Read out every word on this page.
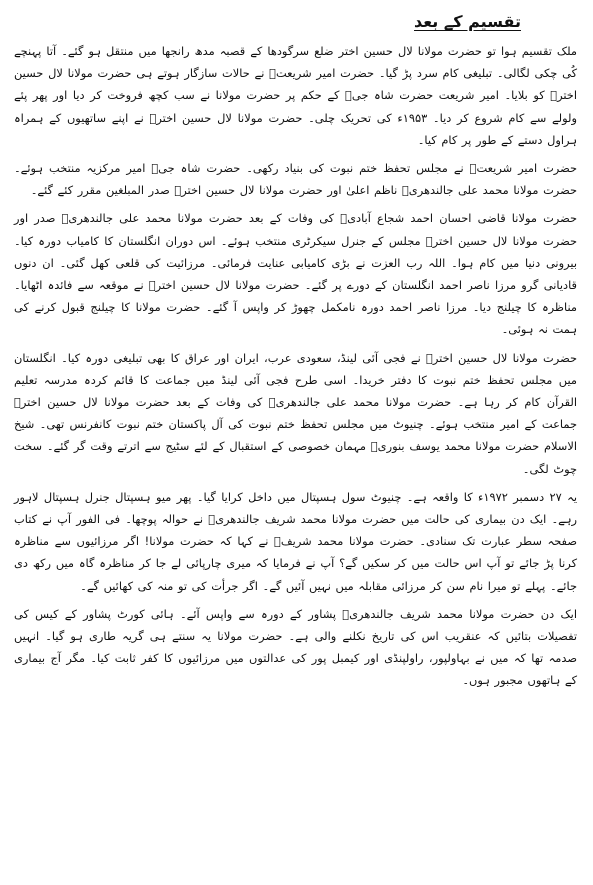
تقسیم کے بعد

ملک تقسیم ہوا تو حضرت مولانا لال حسین اختر ضلع سرگودھا کے قصبہ مدھ رانجھا میں منتقل ہو گئے۔ آتا پہنچے کُی چکی لگالی۔ تبلیغی کام سرد پڑ گیا۔ حضرت امیر شریعتؒ نے حالات سازگار ہوتے ہی حضرت مولانا لال حسین اخترؒ کو بلایا۔ امیر شریعت حضرت شاہ جیؒ کے حکم پر حضرت مولانا نے سب کچھ فروخت کر دیا اور پھر پئے ولولے سے کام شروع کر دیا۔ ۱۹۵۳ء کی تحریک چلی۔ حضرت مولانا لال حسین اخترؒ نے اپنے ساتھیوں کے ہمراہ ہراول دستے کے طور پر کام کیا۔

حضرت امیر شریعتؒ نے مجلس تحفظ ختم نبوت کی بنیاد رکھی۔ حضرت شاہ جیؒ امیر مرکزیہ منتخب ہوئے۔ حضرت مولانا محمد علی جالندھریؒ ناظم اعلیٰ اور حضرت مولانا لال حسین اخترؒ صدر المبلغین مقرر کئے گئے۔

حضرت مولانا قاضی احسان احمد شجاع آبادیؒ کی وفات کے بعد حضرت مولانا محمد علی جالندھریؒ صدر اور حضرت مولانا لال حسین اخترؒ مجلس کے جنرل سیکرٹری منتخب ہوئے۔ اس دوران انگلستان کا کامیاب دورہ کیا۔ بیرونی دنیا میں کام ہوا۔ اللہ رب العزت نے بڑی کامیابی عنایت فرمائی۔ مرزائیت کی قلعی کھل گئی۔ ان دنوں قادیانی گرو مرزا ناصر احمد انگلستان کے دورے پر گئے۔ حضرت مولانا لال حسین اخترؒ نے موقعہ سے فائدہ اٹھایا۔ مناظرہ کا چیلنج دیا۔ مرزا ناصر احمد دورہ نامکمل چھوڑ کر واپس آ گئے۔ حضرت مولانا کا چیلنج قبول کرنے کی ہمت نہ ہوئی۔

حضرت مولانا لال حسین اخترؒ نے فجی آئی لینڈ، سعودی عرب، ایران اور عراق کا بھی تبلیغی دورہ کیا۔ انگلستان میں مجلس تحفظ ختم نبوت کا دفتر خریدا۔ اسی طرح فجی آئی لینڈ میں جماعت کا قائم کردہ مدرسہ تعلیم القرآن کام کر رہا ہے۔ حضرت مولانا محمد علی جالندھریؒ کی وفات کے بعد حضرت مولانا لال حسین اخترؒ جماعت کے امیر منتخب ہوئے۔ چنیوٹ میں مجلس تحفظ ختم نبوت کی آل پاکستان ختم نبوت کانفرنس تھی۔ شیخ الاسلام حضرت مولانا محمد یوسف بنوریؒ مہمان خصوصی کے استقبال کے لئے سٹیج سے اترتے وقت گر گئے۔ سخت چوٹ لگی۔

یہ ۲۷ دسمبر ۱۹۷۲ء کا واقعہ ہے۔ چنیوٹ سول ہسپتال میں داخل کرایا گیا۔ پھر میو ہسپتال جنرل ہسپتال لاہور رہے۔ ایک دن بیماری کی حالت میں حضرت مولانا محمد شریف جالندھریؒ نے حوالہ پوچھا۔ فی الفور آپ نے کتاب صفحہ سطر عبارت تک سنادی۔ حضرت مولانا محمد شریفؒ نے کہا کہ حضرت مولانا! اگر مرزائیوں سے مناظرہ کرنا پڑ جائے تو آپ اس حالت میں کر سکیں گے؟ آپ نے فرمایا کہ میری چارپائی لے جا کر مناظرہ گاہ میں رکھ دی جائے۔ پہلے تو میرا نام سن کر مرزائی مقابلہ میں نہیں آئیں گے۔ اگر جرأت کی تو منہ کی کھائیں گے۔

ایک دن حضرت مولانا محمد شریف جالندھریؒ پشاور کے دورہ سے واپس آئے۔ ہائی کورٹ پشاور کے کیس کی تفصیلات بتائیں کہ عنقریب اس کی تاریخ نکلنے والی ہے۔ حضرت مولانا یہ سنتے ہی گریہ طاری ہو گیا۔ انہیں صدمہ تھا کہ میں نے بہاولپور، راولپنڈی اور کیمبل پور کی عدالتوں میں مرزائیوں کا کفر ثابت کیا۔ مگر آج بیماری کے ہاتھوں مجبور ہوں۔
